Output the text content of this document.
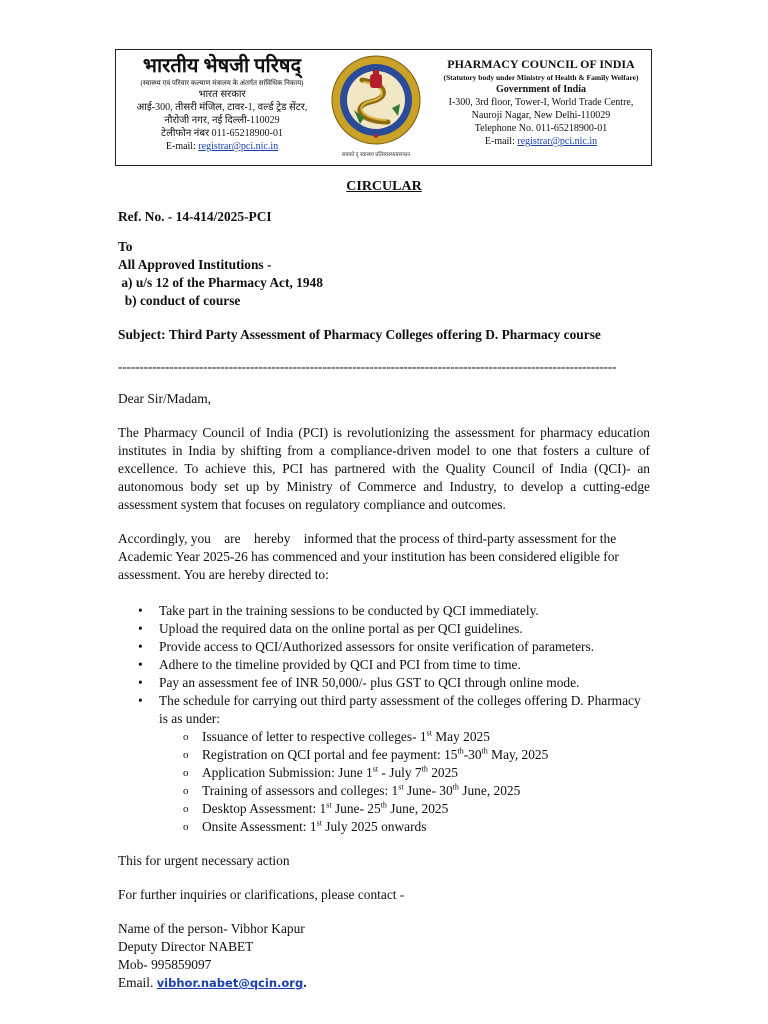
भारतीय भेषजी परिषद्
(स्वास्थ्य एवं परिवार कल्याण मंत्रालय के अंतर्गत सांविधिक निकाय)
भारत सरकार
आई-300, तीसरी मंजिल, टावर-1, वर्ल्ड ट्रेड सेंटर,
नौरोजी नगर, नई दिल्ली-110029
टेलीफोन नंबर 011-65218900-01
E-mail: registrar@pci.nic.in
सबको दृ स्वास्थ्य प्रतिस्वस्थ्यप्रसाधन
PHARMACY COUNCIL OF INDIA
(Statutory body under Ministry of Health & Family Welfare)
Government of India
I-300, 3rd floor, Tower-I, World Trade Centre,
Nauroji Nagar, New Delhi-110029
Telephone No. 011-65218900-01
E-mail: registrar@pci.nic.in

CIRCULAR

Ref. No. - 14-414/2025-PCI

To

All Approved Institutions -

a) u/s 12 of the Pharmacy Act, 1948

b) conduct of course

Subject: Third Party Assessment of Pharmacy Colleges offering D. Pharmacy course

---------------------------------------------------------------------------------------------------------------------

Dear Sir/Madam,

The Pharmacy Council of India (PCI) is revolutionizing the assessment for pharmacy education institutes in India by shifting from a compliance-driven model to one that fosters a culture of excellence. To achieve this, PCI has partnered with the Quality Council of India (QCI)- an autonomous body set up by Ministry of Commerce and Industry, to develop a cutting-edge assessment system that focuses on regulatory compliance and outcomes.

Accordingly, you    are    hereby    informed that the process of third-party assessment for the
Academic Year 2025-26 has commenced and your institution has been considered eligible for assessment. You are hereby directed to:
• Take part in the training sessions to be conducted by QCI immediately.
• Upload the required data on the online portal as per QCI guidelines.
• Provide access to QCI/Authorized assessors for onsite verification of parameters.
• Adhere to the timeline provided by QCI and PCI from time to time.
• Pay an assessment fee of INR 50,000/- plus GST to QCI through online mode.
• The schedule for carrying out third party assessment of the colleges offering D. Pharmacy is as under:
o Issuance of letter to respective colleges- 1st May 2025
o Registration on QCI portal and fee payment: 15th-30th May, 2025
o Application Submission: June 1st - July 7th 2025
o Training of assessors and colleges: 1st June- 30th June, 2025
o Desktop Assessment: 1st June- 25th June, 2025
o Onsite Assessment: 1st July 2025 onwards

This for urgent necessary action

For further inquiries or clarifications, please contact -

Name of the person- Vibhor Kapur

Deputy Director NABET

Mob- 995859097

Email. vibhor.nabet@qcin.org.
